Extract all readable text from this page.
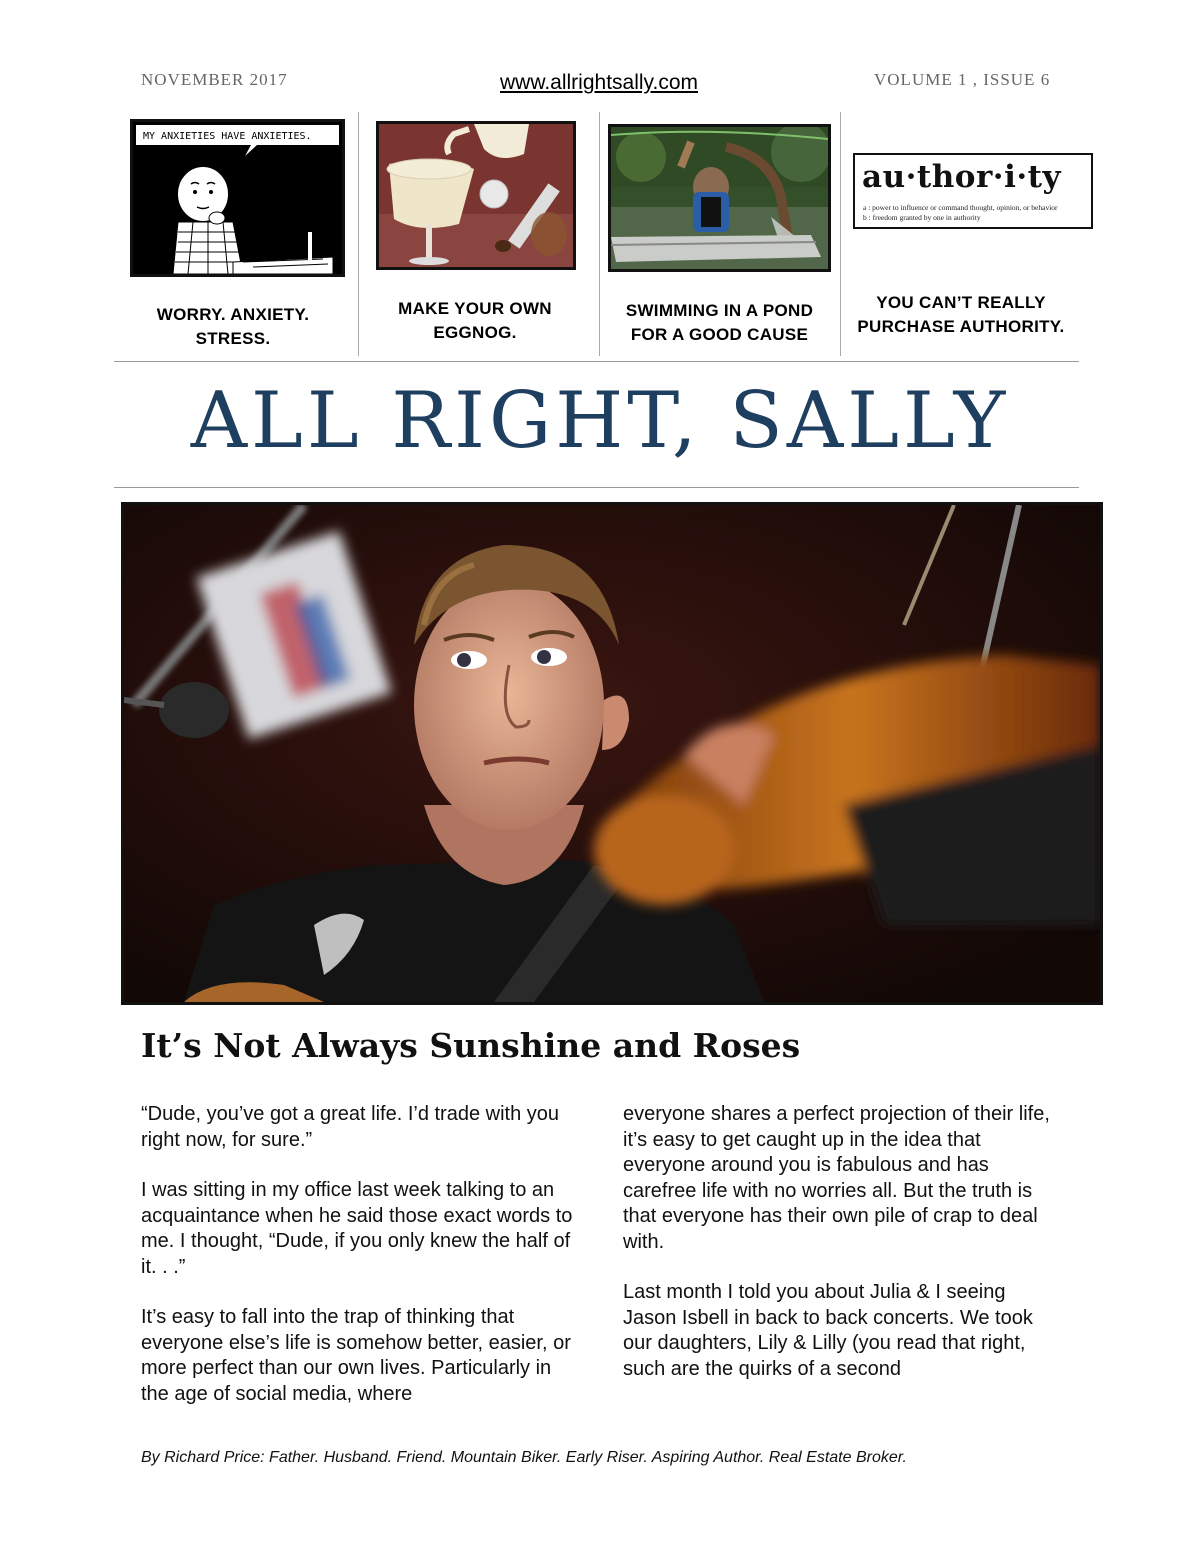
NOVEMBER 2017	www.allrightsally.com	VOLUME 1 , ISSUE 6
MY ANXIETIES HAVE ANXIETIES.
WORRY. ANXIETY.
STRESS.
MAKE YOUR OWN
EGGNOG.
SWIMMING IN A POND
FOR A GOOD CAUSE
au·thor·i·ty
a : power to influence or command thought, opinion, or behavior
b : freedom granted by one in authority
YOU CAN’T REALLY
PURCHASE AUTHORITY.
ALL RIGHT, SALLY
It’s Not Always Sunshine and Roses

“Dude, you’ve got a great life. I’d trade with you right now, for sure.”

I was sitting in my office last week talking to an acquaintance when he said those exact words to me. I thought, “Dude, if you only knew the half of it. . .”

It’s easy to fall into the trap of thinking that everyone else’s life is somehow better, easier, or more perfect than our own lives. Particularly in the age of social media, where

everyone shares a perfect projection of their life, it’s easy to get caught up in the idea that everyone around you is fabulous and has carefree life with no worries all. But the truth is that everyone has their own pile of crap to deal with.

Last month I told you about Julia & I seeing Jason Isbell in back to back concerts. We took our daughters, Lily & Lilly (you read that right, such are the quirks of a second

By Richard Price: Father. Husband. Friend. Mountain Biker. Early Riser. Aspiring Author. Real Estate Broker.
